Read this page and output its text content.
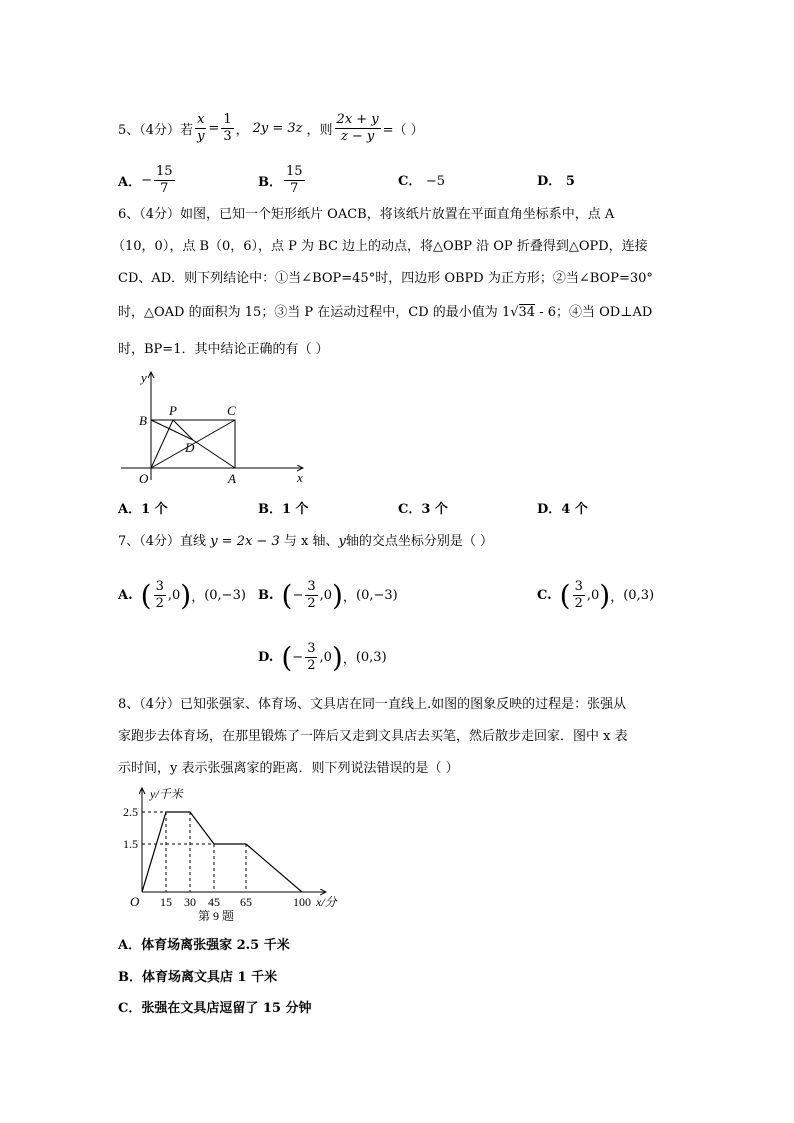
5、（4分） 若 $\frac{x}{y} = \frac{1}{3}$ ， 2y = 3z ，则 $\frac{2x + y}{z - y}$ =（ ）
A． − $\frac{15}{7}$	B． $\frac{15}{7}$	C． −5	D． 5
6、（4分）如图，已知一个矩形纸片 OACB，将该纸片放置在平面直角坐标系中，点 A
（10，0），点 B（0，6），点 P 为 BC 边上的动点，将△OBP 沿 OP 折叠得到△OPD，连接
CD、AD．则下列结论中：①当∠BOP=45°时，四边形 OBPD 为正方形；②当∠BOP=30°
时，△OAD 的面积为 15；③当 P 在运动过程中，CD 的最小值为 1√34 - 6；④当 OD⊥AD
时，BP=1．其中结论正确的有（ ）
y
x
B
P	C
D
O	A
A．1 个	B．1 个	C．3 个	D．4 个
7、（4分）直线 y = 2x − 3 与 x 轴、y轴的交点坐标分别是（ ）
A. ( $\frac{3}{2} ,0$ ) ， (0,−3) B. ( − $\frac{3}{2} ,0$ ) ， (0,−3)	C. ( $\frac{3}{2} ,0$ ) ， (0,3)
D. ( − $\frac{3}{2} ,0$ ) ， (0,3)
8、（4分）已知张强家、体育场、文具店在同一直线上.如图的图象反映的过程是：张强从
家跑步去体育场，在那里锻炼了一阵后又走到文具店去买笔，然后散步走回家．图中 x 表
示时间，y 表示张强离家的距离．则下列说法错误的是（ ）
15 30 45 65	100
1.5
2.5
O
y/千米
x/分
第 9 题
A．体育场离张强家 2.5 千米
B．体育场离文具店 1 千米
C．张强在文具店逗留了 15 分钟
